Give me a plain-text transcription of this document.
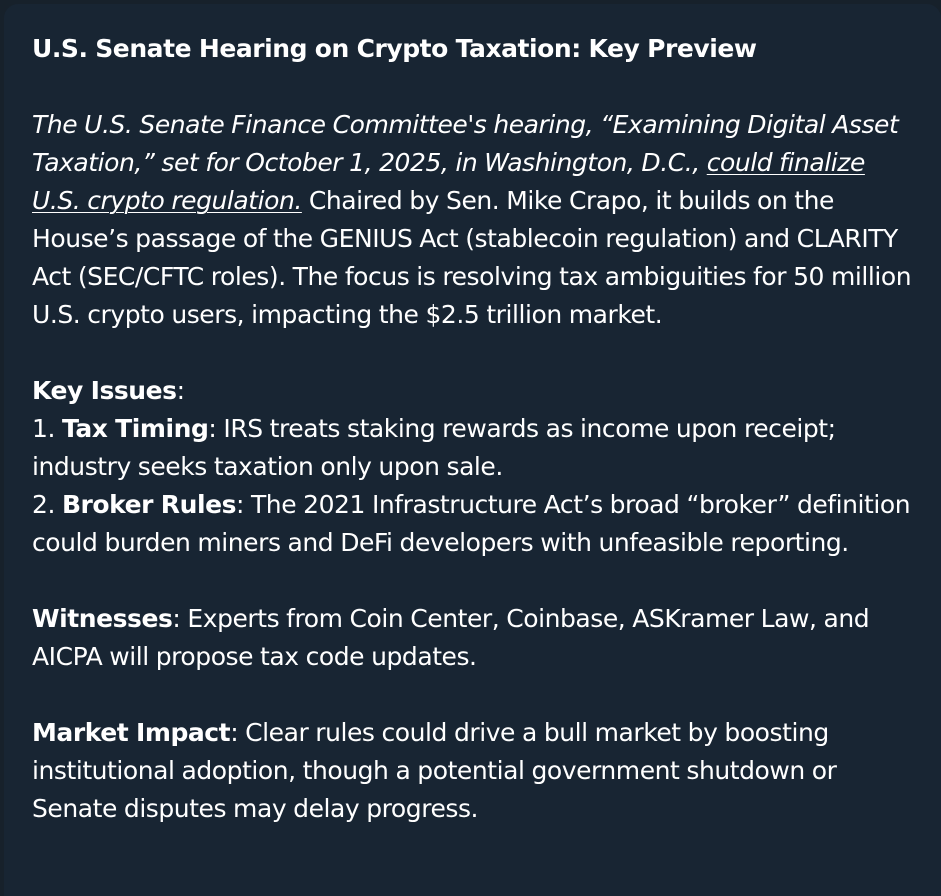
U.S. Senate Hearing on Crypto Taxation: Key Preview

The U.S. Senate Finance Committee's hearing, “Examining Digital Asset Taxation,” set for October 1, 2025, in Washington, D.C., could finalize U.S. crypto regulation. Chaired by Sen. Mike Crapo, it builds on the House’s passage of the GENIUS Act (stablecoin regulation) and CLARITY Act (SEC/CFTC roles). The focus is resolving tax ambiguities for 50 million U.S. crypto users, impacting the $2.5 trillion market.

Key Issues:

1. Tax Timing: IRS treats staking rewards as income upon receipt; industry seeks taxation only upon sale.

2. Broker Rules: The 2021 Infrastructure Act’s broad “broker” definition could burden miners and DeFi developers with unfeasible reporting.

Witnesses: Experts from Coin Center, Coinbase, ASKramer Law, and AICPA will propose tax code updates.

Market Impact: Clear rules could drive a bull market by boosting institutional adoption, though a potential government shutdown or Senate disputes may delay progress.
